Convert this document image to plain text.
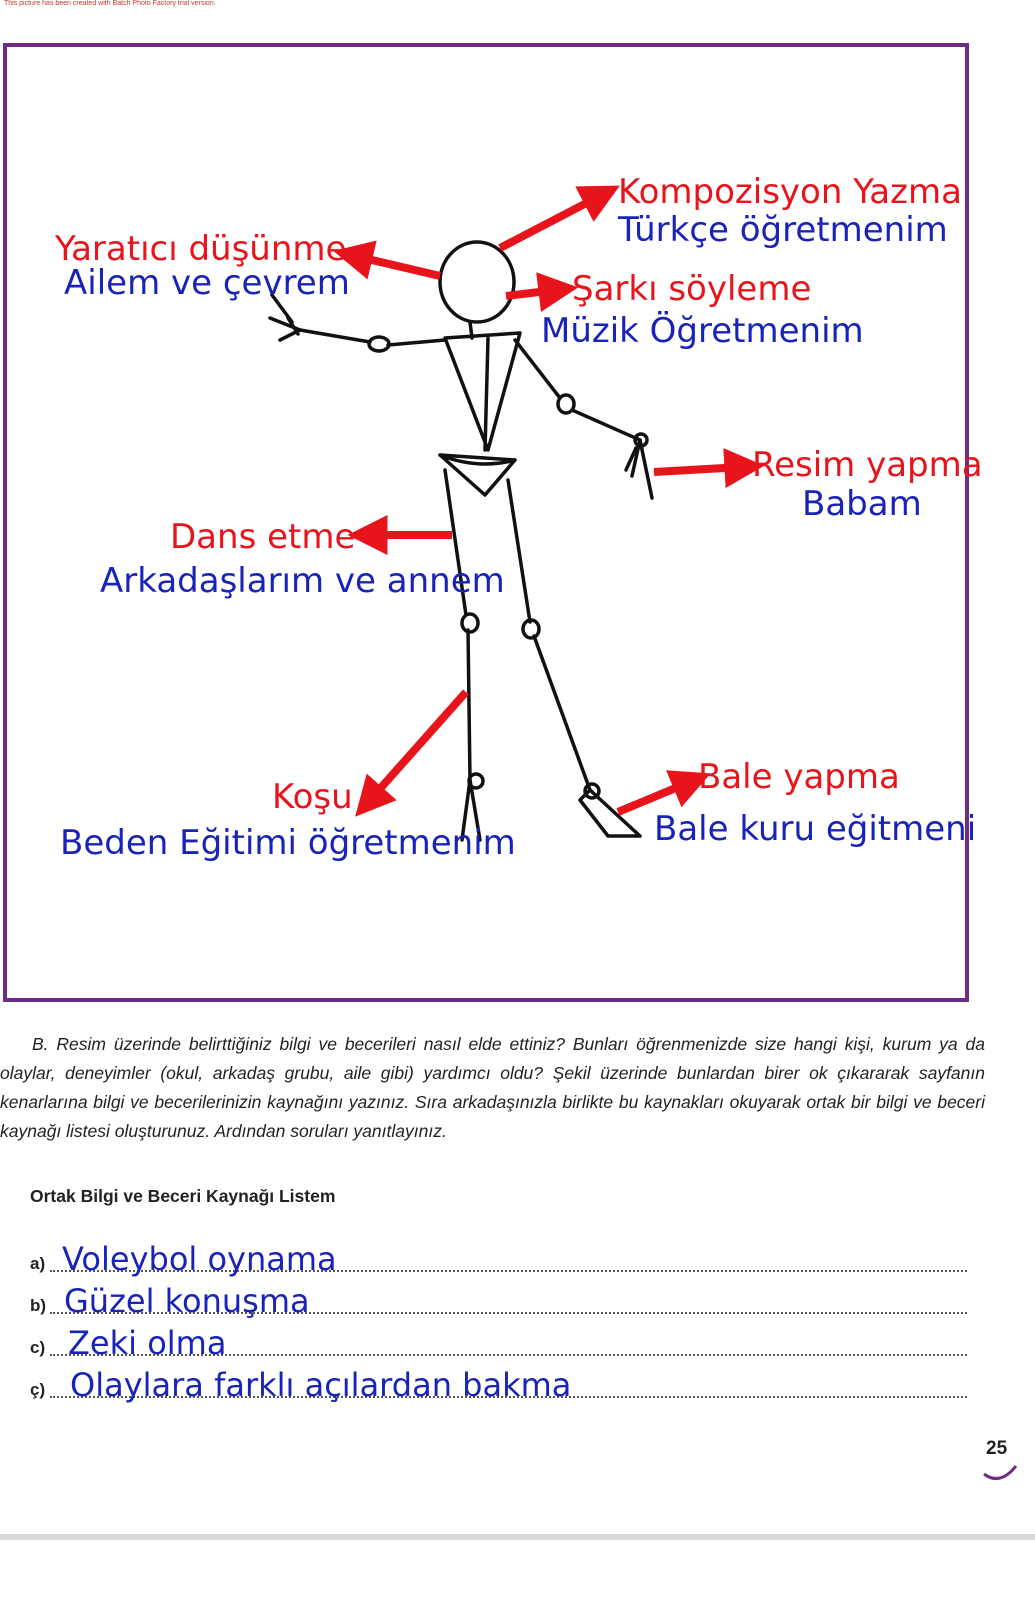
This picture has been created with Batch Photo Factory trial version.
Kompozisyon Yazma
Türkçe öğretmenim
Yaratıcı düşünme
Ailem ve çevrem	Şarkı söyleme
Müzik Öğretmenim
Resim yapma
Babam
Dans etme
Arkadaşlarım ve annem
Koşu
Beden Eğitimi öğretmenim
Bale yapma
Bale kuru eğitmeni

B. Resim üzerinde belirttiğiniz bilgi ve becerileri nasıl elde ettiniz? Bunları öğrenmenizde size hangi kişi, kurum ya da olaylar, deneyimler (okul, arkadaş grubu, aile gibi) yardımcı oldu? Şekil üzerinde bunlardan birer ok çıkararak sayfanın kenarlarına bilgi ve becerilerinizin kaynağını yazınız. Sıra arkadaşınızla birlikte bu kaynakları okuyarak ortak bir bilgi ve beceri kaynağı listesi oluşturunuz. Ardından soruları yanıtlayınız.

Ortak Bilgi ve Beceri Kaynağı Listem
a) Voleybol oynama
b) Güzel konuşma
c) Zeki olma
ç) Olaylara farklı açılardan bakma
25
